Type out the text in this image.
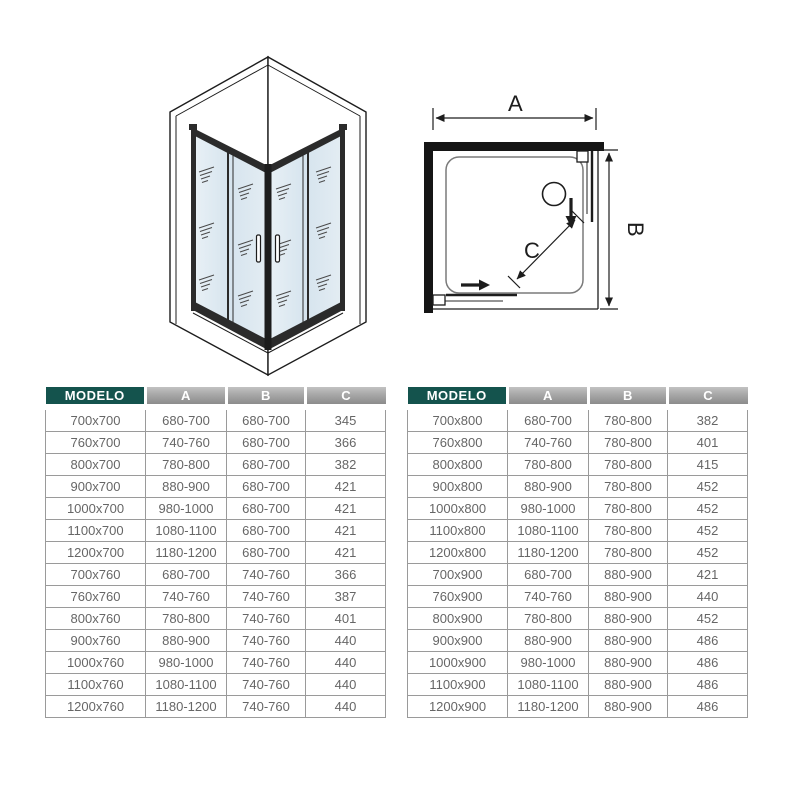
A
C
B
MODELO	A	B	C
700x700	680-700	680-700	345
760x700	740-760	680-700	366
800x700	780-800	680-700	382
900x700	880-900	680-700	421
1000x700	980-1000	680-700	421
1100x700	1080-1100	680-700	421
1200x700	1180-1200	680-700	421
700x760	680-700	740-760	366
760x760	740-760	740-760	387
800x760	780-800	740-760	401
900x760	880-900	740-760	440
1000x760	980-1000	740-760	440
1100x760	1080-1100	740-760	440
1200x760	1180-1200	740-760	440
MODELO	A	B	C
700x800	680-700	780-800	382
760x800	740-760	780-800	401
800x800	780-800	780-800	415
900x800	880-900	780-800	452
1000x800	980-1000	780-800	452
1100x800	1080-1100	780-800	452
1200x800	1180-1200	780-800	452
700x900	680-700	880-900	421
760x900	740-760	880-900	440
800x900	780-800	880-900	452
900x900	880-900	880-900	486
1000x900	980-1000	880-900	486
1100x900	1080-1100	880-900	486
1200x900	1180-1200	880-900	486
